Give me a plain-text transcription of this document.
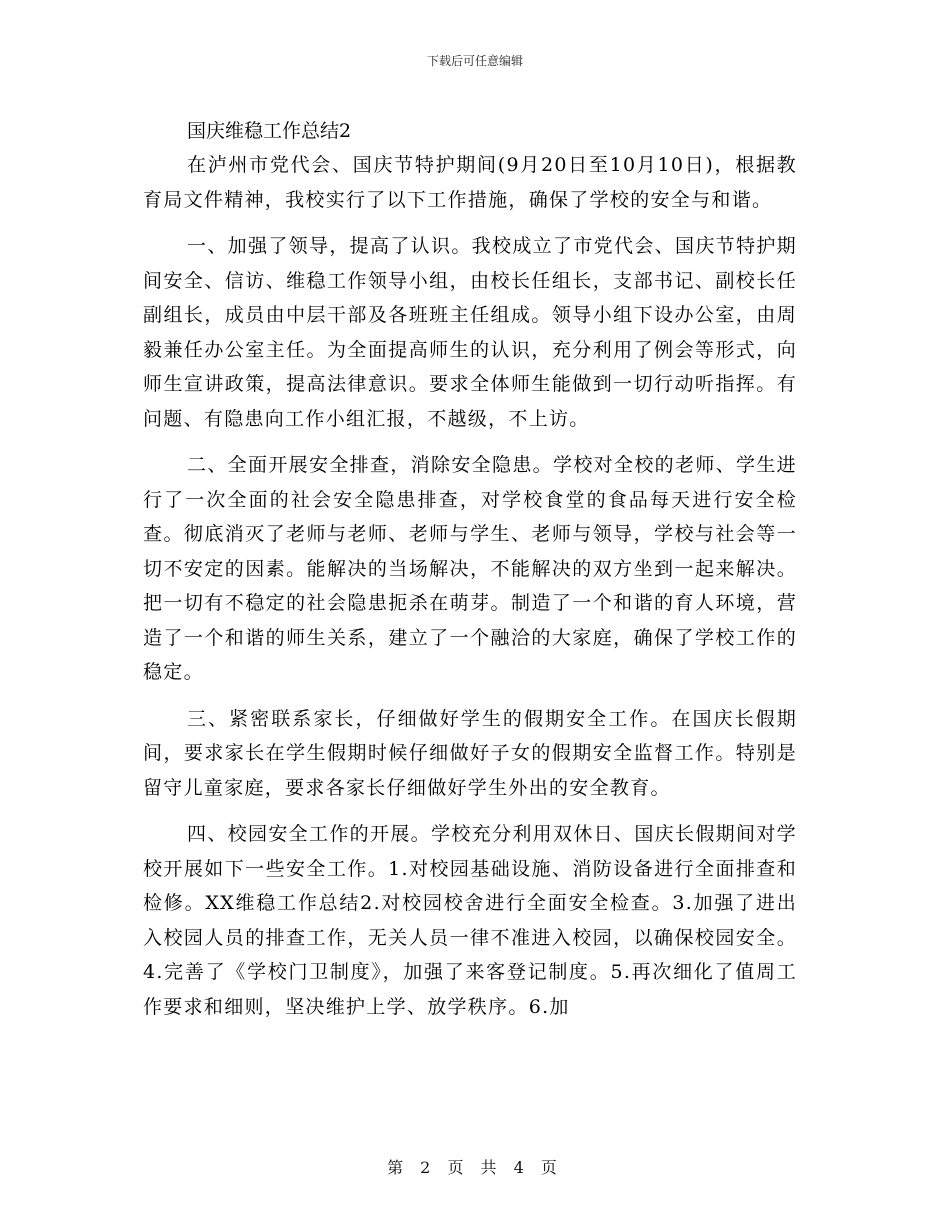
下载后可任意编辑
国庆维稳工作总结2

在泸州市党代会、国庆节特护期间(9月20日至10月10日)，根据教育局文件精神，我校实行了以下工作措施，确保了学校的安全与和谐。

一、加强了领导，提高了认识。我校成立了市党代会、国庆节特护期间安全、信访、维稳工作领导小组，由校长任组长，支部书记、副校长任副组长，成员由中层干部及各班班主任组成。领导小组下设办公室，由周毅兼任办公室主任。为全面提高师生的认识，充分利用了例会等形式，向师生宣讲政策，提高法律意识。要求全体师生能做到一切行动听指挥。有问题、有隐患向工作小组汇报，不越级，不上访。

二、全面开展安全排查，消除安全隐患。学校对全校的老师、学生进行了一次全面的社会安全隐患排查，对学校食堂的食品每天进行安全检查。彻底消灭了老师与老师、老师与学生、老师与领导，学校与社会等一切不安定的因素。能解决的当场解决，不能解决的双方坐到一起来解决。把一切有不稳定的社会隐患扼杀在萌芽。制造了一个和谐的育人环境，营造了一个和谐的师生关系，建立了一个融洽的大家庭，确保了学校工作的稳定。

三、紧密联系家长，仔细做好学生的假期安全工作。在国庆长假期间，要求家长在学生假期时候仔细做好子女的假期安全监督工作。特别是留守儿童家庭，要求各家长仔细做好学生外出的安全教育。

四、校园安全工作的开展。学校充分利用双休日、国庆长假期间对学校开展如下一些安全工作。1.对校园基础设施、消防设备进行全面排查和检修。XX维稳工作总结2.对校园校舍进行全面安全检查。3.加强了进出入校园人员的排查工作，无关人员一律不准进入校园，以确保校园安全。4.完善了《学校门卫制度》，加强了来客登记制度。5.再次细化了值周工作要求和细则，坚决维护上学、放学秩序。6.加

第 2 页 共 4 页
